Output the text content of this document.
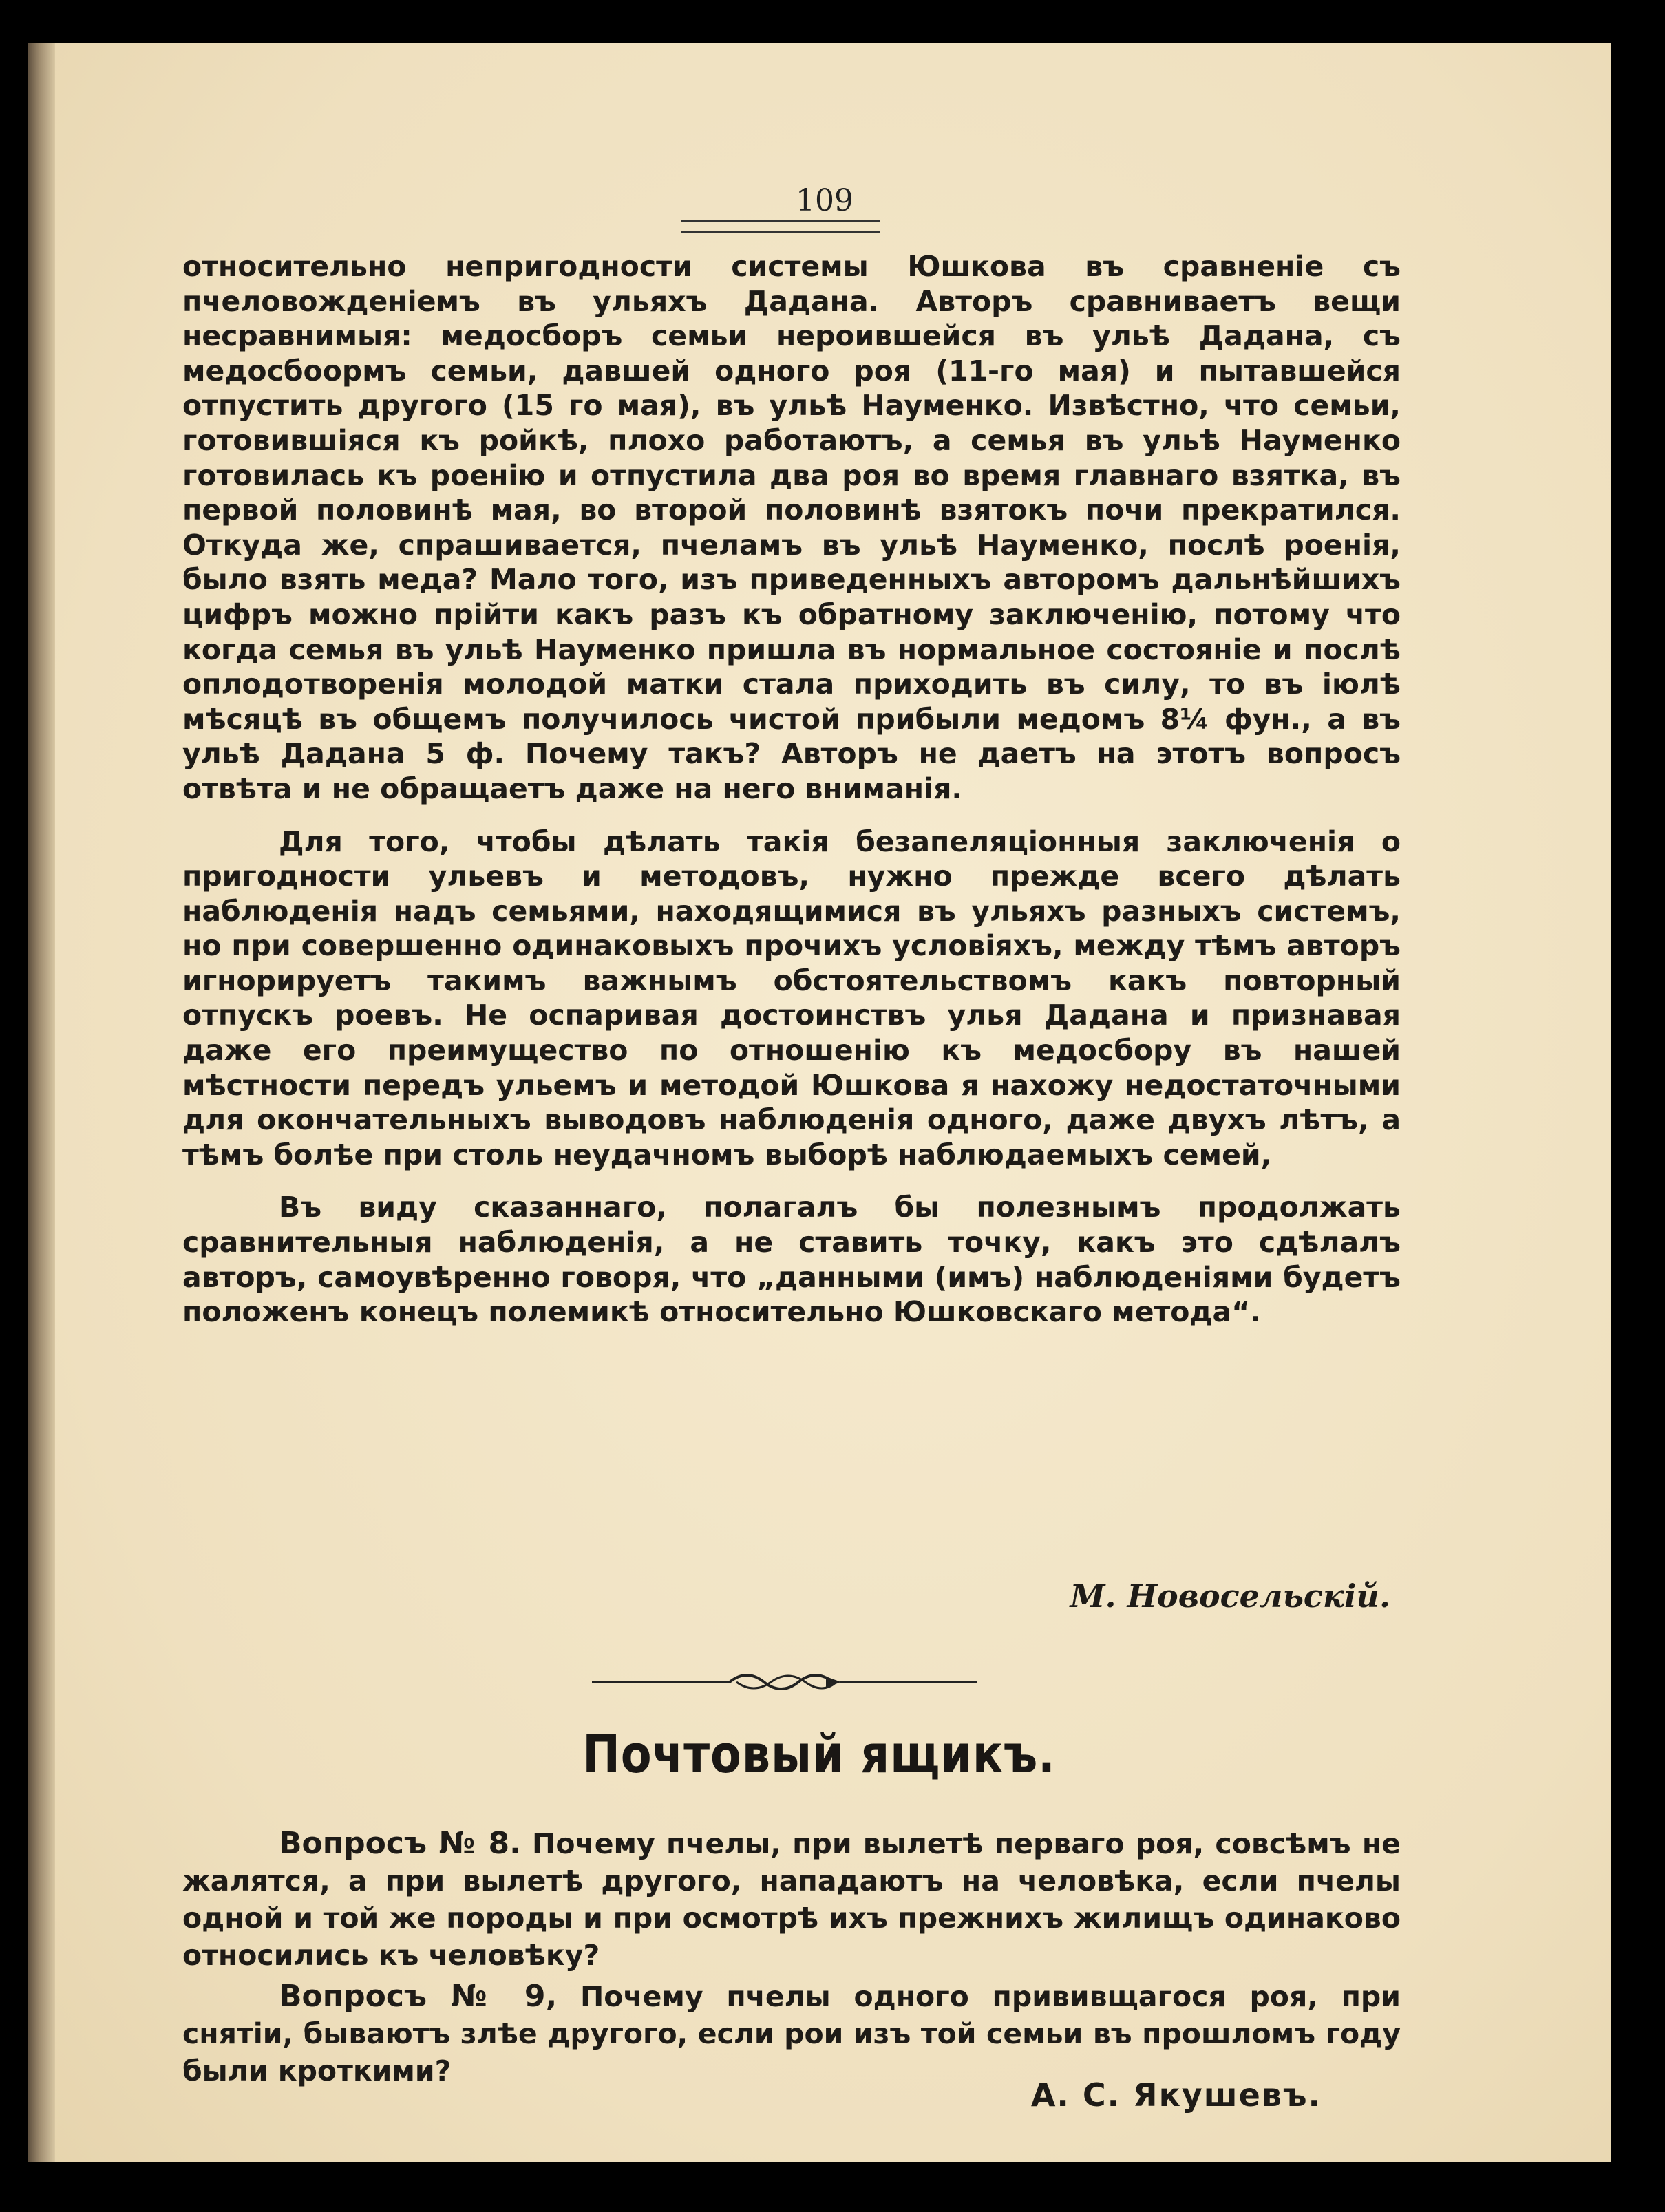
109

относительно непригодности системы Юшкова въ сравненіе съ пчеловожденіемъ въ ульяхъ Дадана. Авторъ сравниваетъ вещи несравнимыя: медосборъ семьи нероившейся въ ульѣ Дадана, съ медосбоормъ семьи, давшей одного роя (11-го мая) и пытавшейся отпустить другого (15 го мая), въ ульѣ Науменко. Извѣстно, что семьи, готовившіяся къ ройкѣ, плохо работаютъ, а семья въ ульѣ Науменко готовилась къ роенію и отпустила два роя во время главнаго взятка, въ первой половинѣ мая, во второй половинѣ взятокъ почи прекратился. Откуда же, спрашивается, пчеламъ въ ульѣ Науменко, послѣ роенія, было взять меда? Мало того, изъ приведенныхъ авторомъ дальнѣйшихъ цифръ можно прійти какъ разъ къ обратному заключенію, потому что когда семья въ ульѣ Науменко пришла въ нормальное состояніе и послѣ оплодотворенія молодой матки стала приходить въ силу, то въ іюлѣ мѣсяцѣ въ общемъ получилось чистой прибыли медомъ 8¼ фун., а въ ульѣ Дадана 5 ф. Почему такъ? Авторъ не даетъ на этотъ вопросъ отвѣта и не обращаетъ даже на него вниманія.

Для того, чтобы дѣлать такія безапеляціонныя заключенія о пригодности ульевъ и методовъ, нужно прежде всего дѣлать наблюденія надъ семьями, находящимися въ ульяхъ разныхъ системъ, но при совершенно одинаковыхъ прочихъ условіяхъ, между тѣмъ авторъ игнорируетъ такимъ важнымъ обстоятельствомъ какъ повторный отпускъ роевъ. Не оспаривая достоинствъ улья Дадана и признавая даже его преимущество по отношенію къ медосбору въ нашей мѣстности передъ ульемъ и методой Юшкова я нахожу недостаточными для окончательныхъ выводовъ наблюденія одного, даже двухъ лѣтъ, а тѣмъ болѣе при столь неудачномъ выборѣ наблюдаемыхъ семей,

Въ виду сказаннаго, полагалъ бы полезнымъ продолжать сравнительныя наблюденія, а не ставить точку, какъ это сдѣлалъ авторъ, самоувѣренно говоря, что „данными (имъ) наблюденіями будетъ положенъ конецъ полемикѣ относительно Юшковскаго метода“.

М. Новосельскій.
Почтовый ящикъ.

Вопросъ № 8. Почему пчелы, при вылетѣ перваго роя, совсѣмъ не жалятся, а при вылетѣ другого, нападаютъ на человѣка, если пчелы одной и той же породы и при осмотрѣ ихъ прежнихъ жилищъ одинаково относились къ человѣку?

Вопросъ № 9, Почему пчелы одного прививщагося роя, при снятіи, бываютъ злѣе другого, если рои изъ той семьи въ прошломъ году были кроткими?

А. С. Якушевъ.
